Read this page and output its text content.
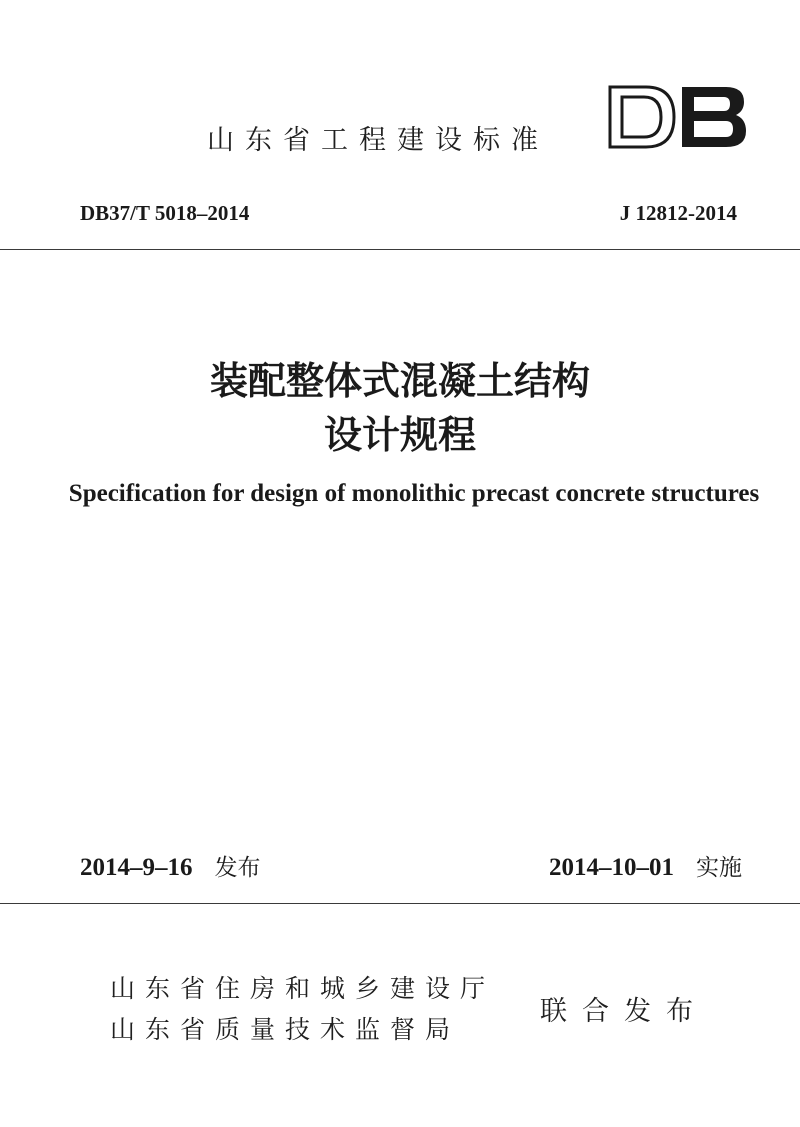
山东省工程建设标准
DB37/T 5018–2014	J 12812-2014
装配整体式混凝土结构
设计规程
Specification for design of monolithic precast concrete structures
2014–9–16 发布	2014–10–01 实施
山东省住房和城乡建设厅
山东省质量技术监督局
联合发布
